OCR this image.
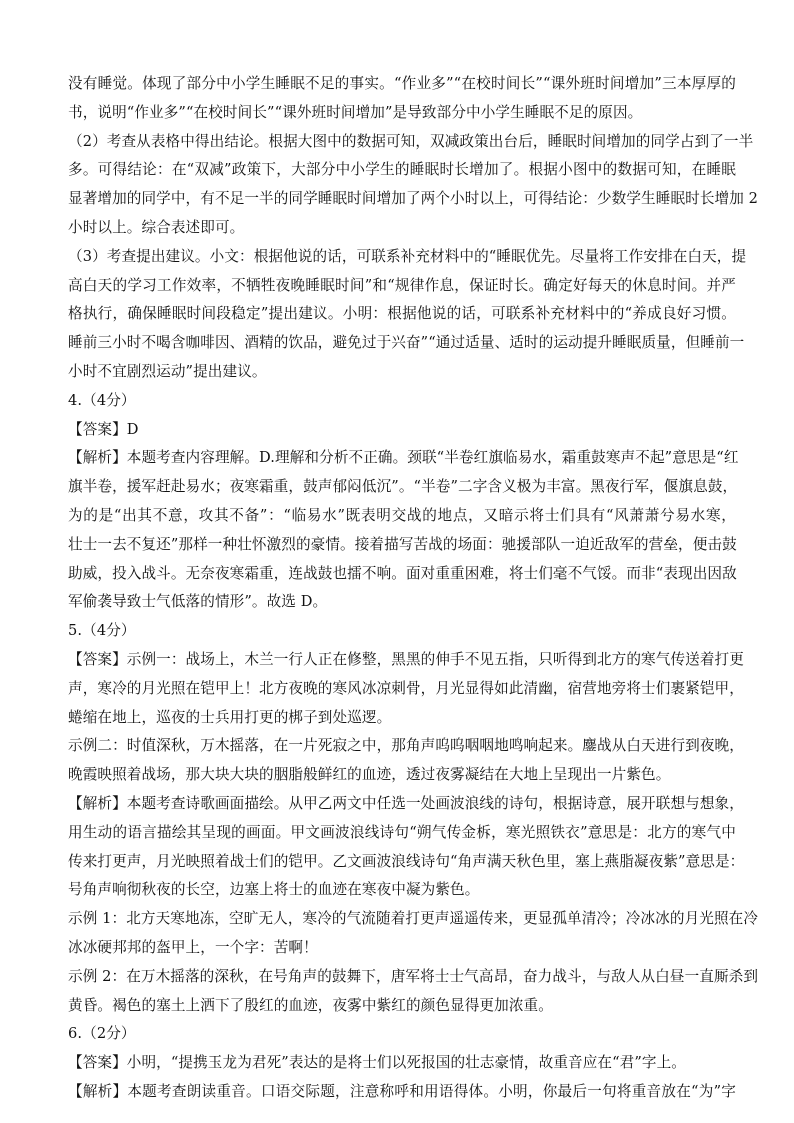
没有睡觉。体现了部分中小学生睡眠不足的事实。“作业多”“在校时间长”“课外班时间增加”三本厚厚的

书，说明“作业多”“在校时间长”“课外班时间增加”是导致部分中小学生睡眠不足的原因。

（2）考查从表格中得出结论。根据大图中的数据可知，双减政策出台后，睡眠时间增加的同学占到了一半

多。可得结论：在“双减”政策下，大部分中小学生的睡眠时长增加了。根据小图中的数据可知，在睡眠

显著增加的同学中，有不足一半的同学睡眠时间增加了两个小时以上，可得结论：少数学生睡眠时长增加 2

小时以上。综合表述即可。

（3）考查提出建议。小文：根据他说的话，可联系补充材料中的“睡眠优先。尽量将工作安排在白天，提

高白天的学习工作效率，不牺牲夜晚睡眠时间”和“规律作息，保证时长。确定好每天的休息时间。并严

格执行，确保睡眠时间段稳定”提出建议。小明：根据他说的话，可联系补充材料中的“养成良好习惯。

睡前三小时不喝含咖啡因、酒精的饮品，避免过于兴奋”“通过适量、适时的运动提升睡眠质量，但睡前一

小时不宜剧烈运动”提出建议。

4.（4分）

【答案】D

【解析】本题考查内容理解。D.理解和分析不正确。颈联“半卷红旗临易水，霜重鼓寒声不起”意思是“红

旗半卷，援军赶赴易水；夜寒霜重，鼓声郁闷低沉”。“半卷”二字含义极为丰富。黑夜行军，偃旗息鼓，

为的是“出其不意，攻其不备”：“临易水”既表明交战的地点，又暗示将士们具有“风萧萧兮易水寒，

壮士一去不复还”那样一种壮怀激烈的豪情。接着描写苦战的场面：驰援部队一迫近敌军的营垒，便击鼓

助威，投入战斗。无奈夜寒霜重，连战鼓也擂不响。面对重重困难，将士们毫不气馁。而非“表现出因敌

军偷袭导致士气低落的情形”。故选 D。

5.（4分）

【答案】示例一：战场上，木兰一行人正在修整，黑黑的伸手不见五指，只听得到北方的寒气传送着打更

声，寒冷的月光照在铠甲上！北方夜晚的寒风冰凉刺骨，月光显得如此清幽，宿营地旁将士们裹紧铠甲，

蜷缩在地上，巡夜的士兵用打更的梆子到处巡逻。

示例二：时值深秋，万木摇落，在一片死寂之中，那角声呜呜咽咽地鸣响起来。鏖战从白天进行到夜晚，

晚霞映照着战场，那大块大块的胭脂般鲜红的血迹，透过夜雾凝结在大地上呈现出一片紫色。

【解析】本题考查诗歌画面描绘。从甲乙两文中任选一处画波浪线的诗句，根据诗意，展开联想与想象，

用生动的语言描绘其呈现的画面。甲文画波浪线诗句“朔气传金柝，寒光照铁衣”意思是：北方的寒气中

传来打更声，月光映照着战士们的铠甲。乙文画波浪线诗句“角声满天秋色里，塞上燕脂凝夜紫”意思是：

号角声响彻秋夜的长空，边塞上将士的血迹在寒夜中凝为紫色。

示例 1：北方天寒地冻，空旷无人，寒冷的气流随着打更声遥遥传来，更显孤单清冷；冷冰冰的月光照在冷

冰冰硬邦邦的盔甲上，一个字：苦啊！

示例 2：在万木摇落的深秋，在号角声的鼓舞下，唐军将士士气高昂，奋力战斗，与敌人从白昼一直厮杀到

黄昏。褐色的塞土上洒下了殷红的血迹，夜雾中紫红的颜色显得更加浓重。

6.（2分）

【答案】小明，“提携玉龙为君死”表达的是将士们以死报国的壮志豪情，故重音应在“君”字上。

【解析】本题考查朗读重音。口语交际题，注意称呼和用语得体。小明，你最后一句将重音放在“为”字
